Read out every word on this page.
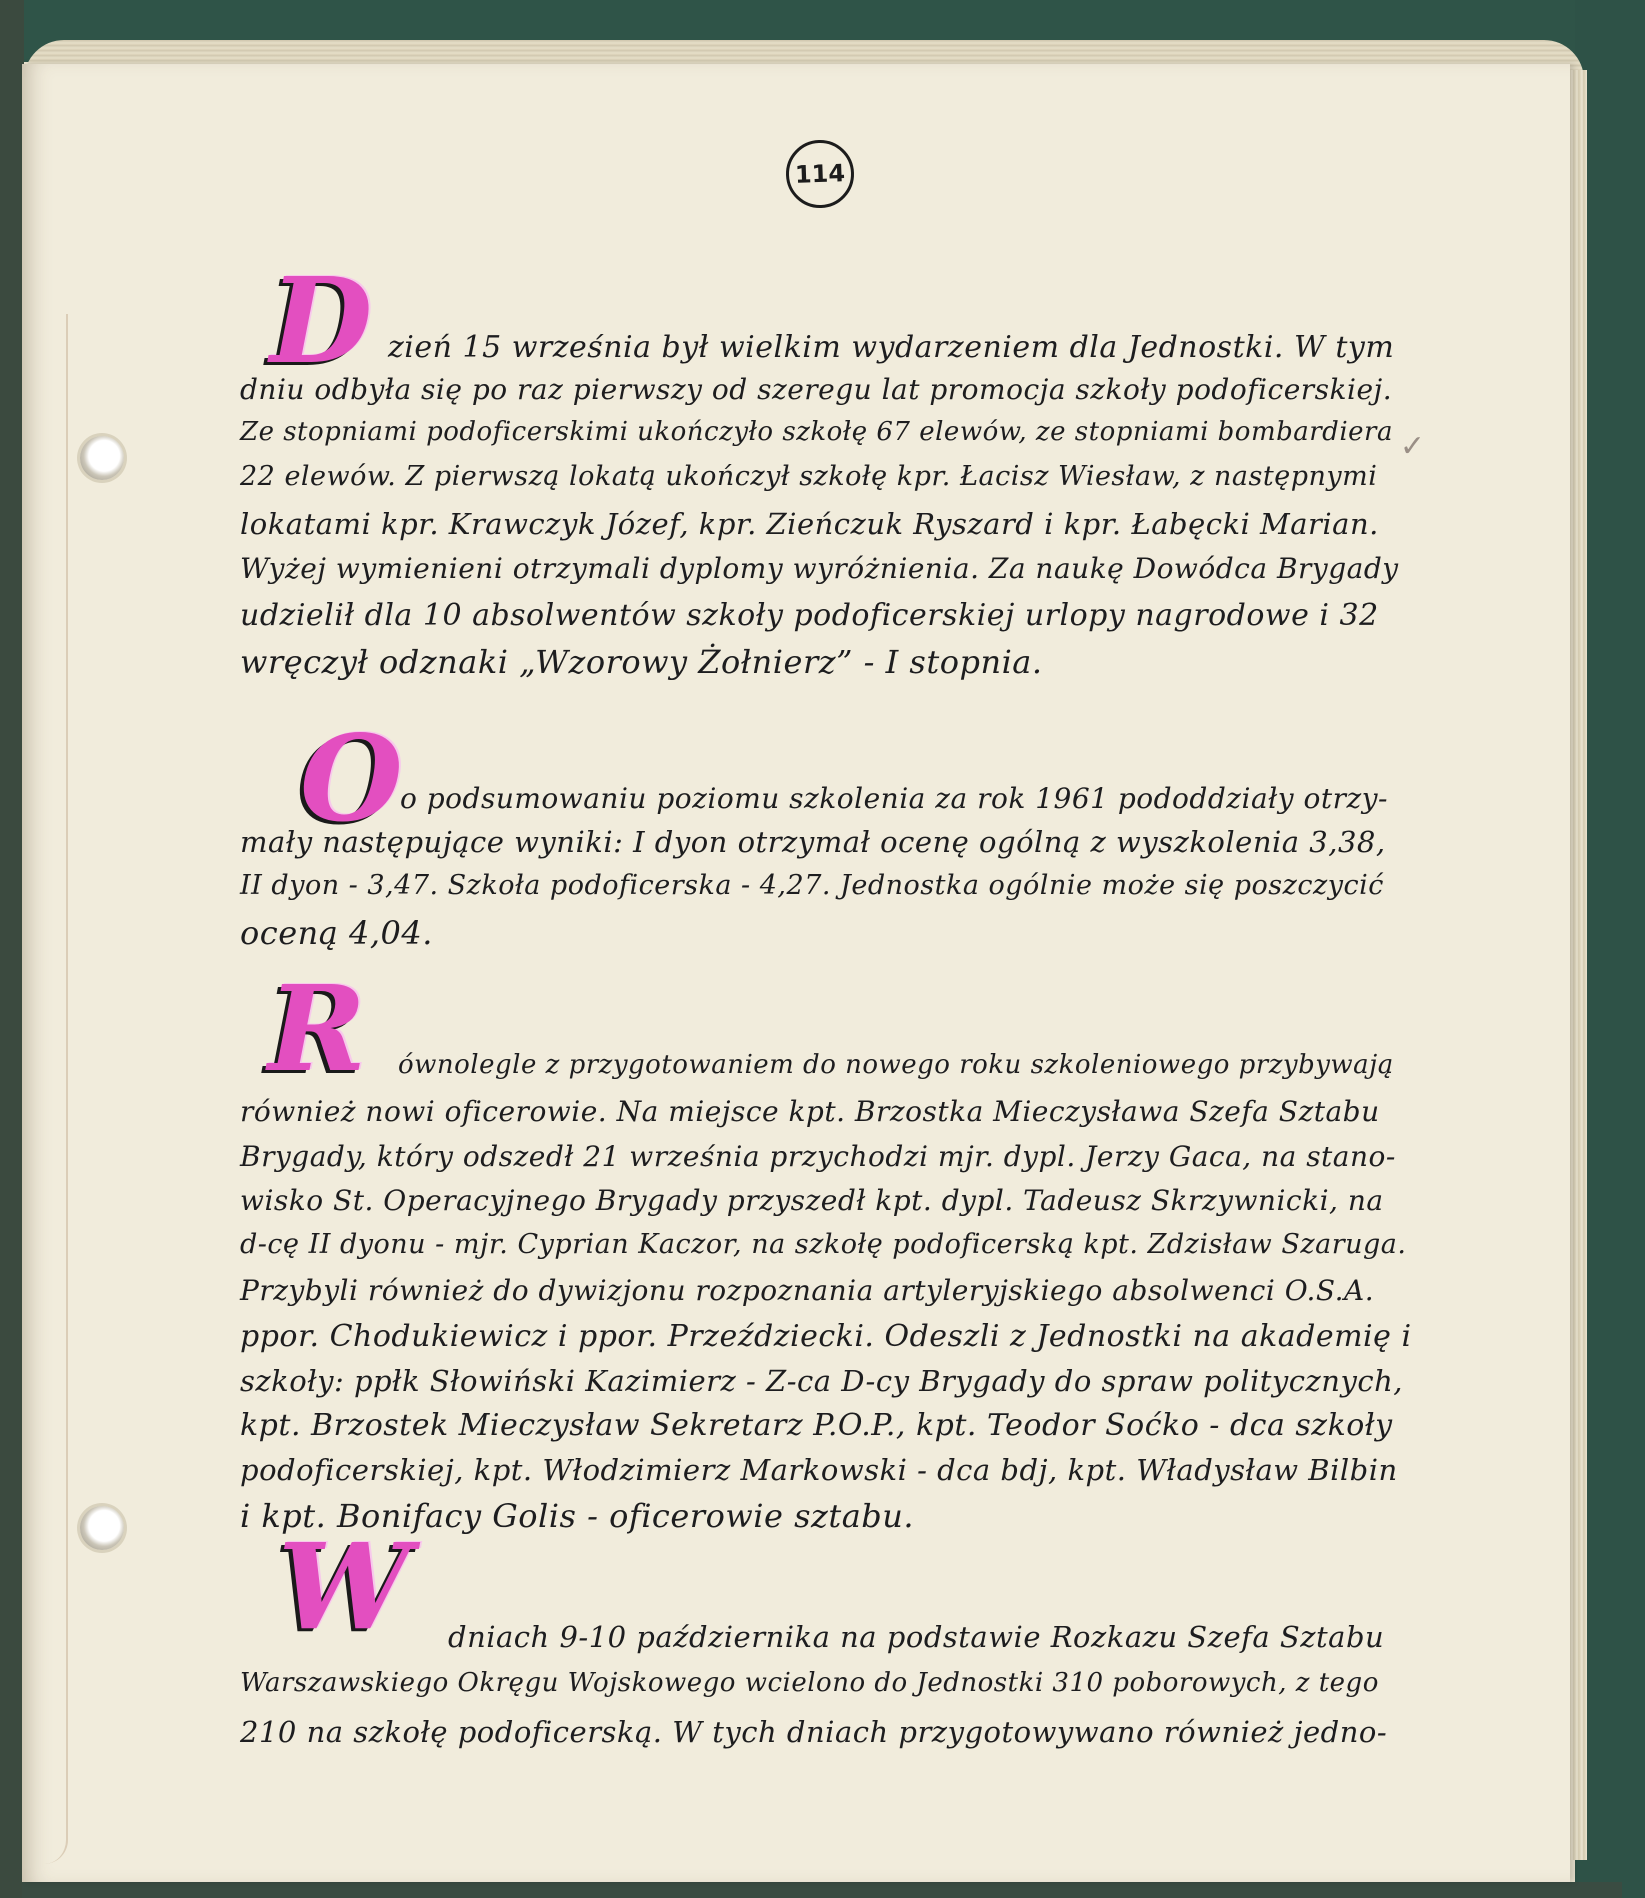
✓
114
D zień 15 września był wielkim wydarzeniem dla Jednostki. W tym
dniu odbyła się po raz pierwszy od szeregu lat promocja szkoły podoficerskiej.
Ze stopniami podoficerskimi ukończyło szkołę 67 elewów, ze stopniami bombardiera
22 elewów. Z pierwszą lokatą ukończył szkołę kpr. Łacisz Wiesław, z następnymi
lokatami kpr. Krawczyk Józef, kpr. Zieńczuk Ryszard i kpr. Łabęcki Marian.
Wyżej wymienieni otrzymali dyplomy wyróżnienia. Za naukę Dowódca Brygady
udzielił dla 10 absolwentów szkoły podoficerskiej urlopy nagrodowe i 32
wręczył odznaki „Wzorowy Żołnierz” - I stopnia.
O
o podsumowaniu poziomu szkolenia za rok 1961 pododdziały otrzy-
mały następujące wyniki: I dyon otrzymał ocenę ogólną z wyszkolenia 3,38,
II dyon - 3,47. Szkoła podoficerska - 4,27. Jednostka ogólnie może się poszczycić
oceną 4,04.
R ównolegle z przygotowaniem do nowego roku szkoleniowego przybywają
również nowi oficerowie. Na miejsce kpt. Brzostka Mieczysława Szefa Sztabu
Brygady, który odszedł 21 września przychodzi mjr. dypl. Jerzy Gaca, na stano-
wisko St. Operacyjnego Brygady przyszedł kpt. dypl. Tadeusz Skrzywnicki, na
d-cę II dyonu - mjr. Cyprian Kaczor, na szkołę podoficerską kpt. Zdzisław Szaruga.
Przybyli również do dywizjonu rozpoznania artyleryjskiego absolwenci O.S.A.
ppor. Chodukiewicz i ppor. Przeździecki. Odeszli z Jednostki na akademię i
szkoły: ppłk Słowiński Kazimierz - Z-ca D-cy Brygady do spraw politycznych,
kpt. Brzostek Mieczysław Sekretarz P.O.P., kpt. Teodor Soćko - dca szkoły
podoficerskiej, kpt. Włodzimierz Markowski - dca bdj, kpt. Władysław Bilbin
i kpt. Bonifacy Golis - oficerowie sztabu.
W dniach 9-10 października na podstawie Rozkazu Szefa Sztabu
Warszawskiego Okręgu Wojskowego wcielono do Jednostki 310 poborowych, z tego
210 na szkołę podoficerską. W tych dniach przygotowywano również jedno-
